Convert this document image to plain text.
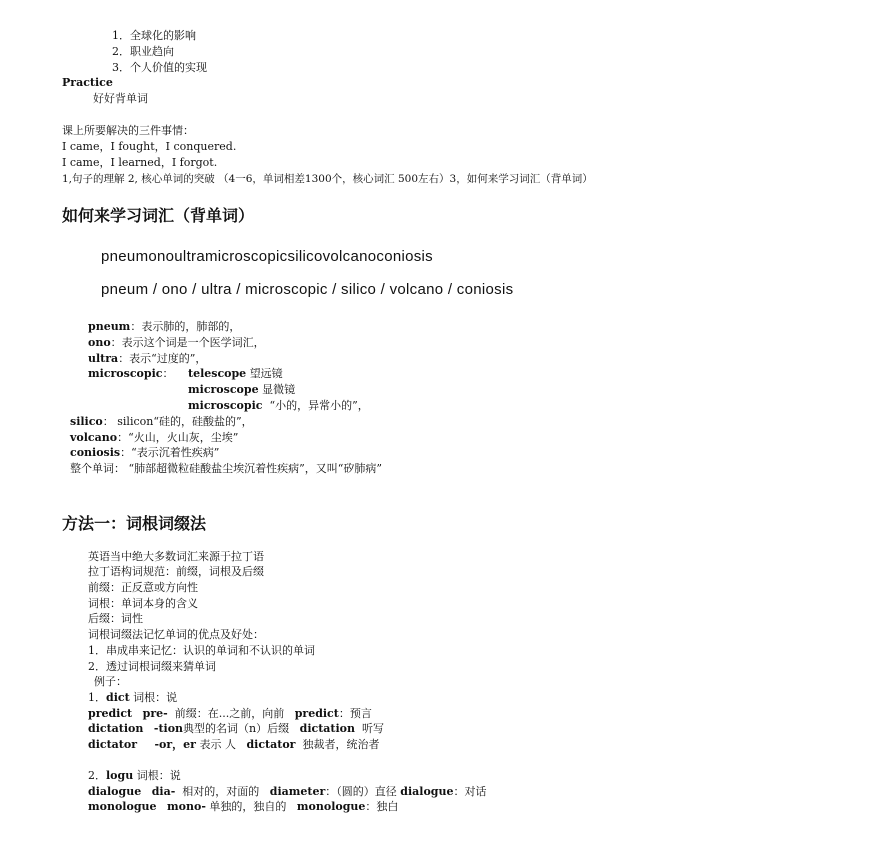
1．全球化的影响
2．职业趋向
3．个人价值的实现
Practice
好好背单词
课上所要解决的三件事情：
I came，I fought，I conquered.
I came，I learned，I forgot.
1,句子的理解 2, 核心单词的突破 （4一6，单词相差1300个，核心词汇 500左右）3，如何来学习词汇（背单词）
如何来学习词汇（背单词）
pneumonoultramicroscopicsilicovolcanoconiosis
pneum / ono / ultra / microscopic / silico / volcano / coniosis
pneum：表示肺的，肺部的，
ono：表示这个词是一个医学词汇，
ultra：表示“过度的”，
microscopic： telescope 望远镜
microscope 显微镜
microscopic “小的，异常小的”，
silico： silicon“硅的，硅酸盐的”，
volcano：“火山，火山灰，尘埃”
coniosis：“表示沉着性疾病”
整个单词： “肺部超微粒硅酸盐尘埃沉着性疾病”，又叫“矽肺病”
方法一：词根词缀法
英语当中绝大多数词汇来源于拉丁语
拉丁语构词规范：前缀，词根及后缀
前缀：正反意或方向性
词根：单词本身的含义
后缀：词性
词根词缀法记忆单词的优点及好处：
1．串成串来记忆：认识的单词和不认识的单词
2．透过词根词缀来猜单词
例子：
1．dict 词根：说
predict pre- 前缀：在...之前，向前 predict：预言
dictation -tion典型的名词（n）后缀 dictation 听写
dictator -or，er 表示 人 dictator 独裁者，统治者
2．logu 词根：说
dialogue dia- 相对的，对面的 diameter：（圆的）直径 dialogue：对话
monologue mono- 单独的，独自的 monologue：独白
